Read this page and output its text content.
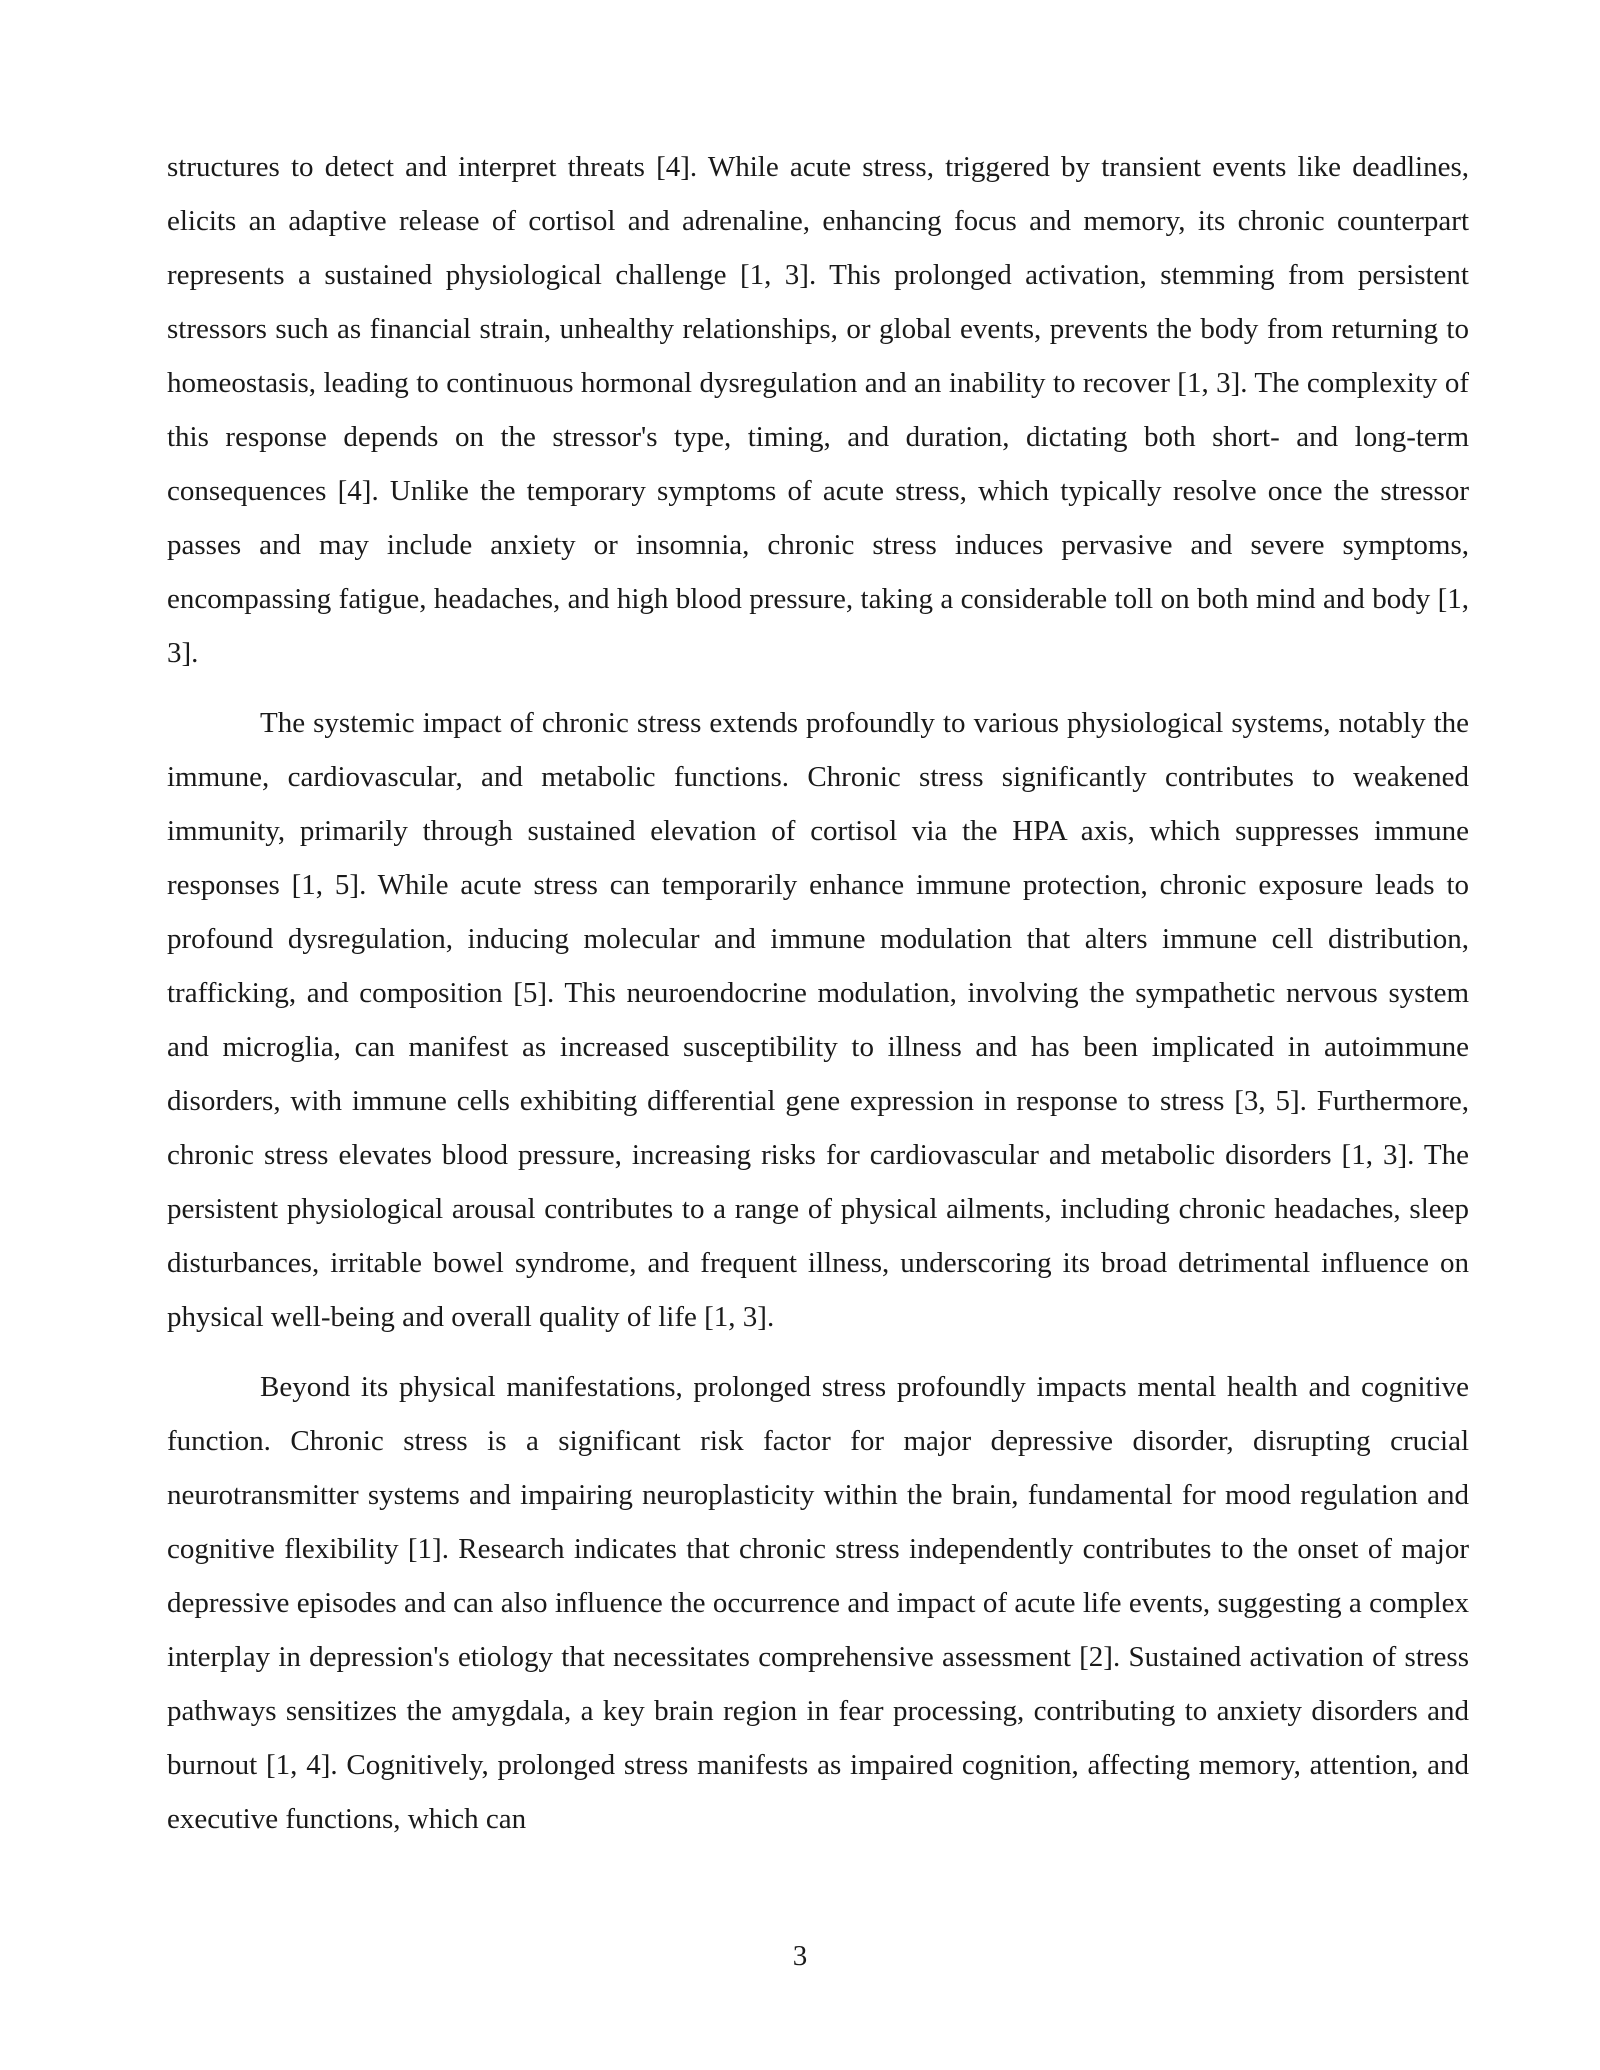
structures to detect and interpret threats [4]. While acute stress, triggered by transient events like deadlines, elicits an adaptive release of cortisol and adrenaline, enhancing focus and memory, its chronic counterpart represents a sustained physiological challenge [1, 3]. This prolonged activation, stemming from persistent stressors such as financial strain, unhealthy relationships, or global events, prevents the body from returning to homeostasis, leading to continuous hormonal dysregulation and an inability to recover [1, 3]. The complexity of this response depends on the stressor's type, timing, and duration, dictating both short- and long-term consequences [4]. Unlike the temporary symptoms of acute stress, which typically resolve once the stressor passes and may include anxiety or insomnia, chronic stress induces pervasive and severe symptoms, encompassing fatigue, headaches, and high blood pressure, taking a considerable toll on both mind and body [1, 3].

The systemic impact of chronic stress extends profoundly to various physiological systems, notably the immune, cardiovascular, and metabolic functions. Chronic stress significantly contributes to weakened immunity, primarily through sustained elevation of cortisol via the HPA axis, which suppresses immune responses [1, 5]. While acute stress can temporarily enhance immune protection, chronic exposure leads to profound dysregulation, inducing molecular and immune modulation that alters immune cell distribution, trafficking, and composition [5]. This neuroendocrine modulation, involving the sympathetic nervous system and microglia, can manifest as increased susceptibility to illness and has been implicated in autoimmune disorders, with immune cells exhibiting differential gene expression in response to stress [3, 5]. Furthermore, chronic stress elevates blood pressure, increasing risks for cardiovascular and metabolic disorders [1, 3]. The persistent physiological arousal contributes to a range of physical ailments, including chronic headaches, sleep disturbances, irritable bowel syndrome, and frequent illness, underscoring its broad detrimental influence on physical well-being and overall quality of life [1, 3].

Beyond its physical manifestations, prolonged stress profoundly impacts mental health and cognitive function. Chronic stress is a significant risk factor for major depressive disorder, disrupting crucial neurotransmitter systems and impairing neuroplasticity within the brain, fundamental for mood regulation and cognitive flexibility [1]. Research indicates that chronic stress independently contributes to the onset of major depressive episodes and can also influence the occurrence and impact of acute life events, suggesting a complex interplay in depression's etiology that necessitates comprehensive assessment [2]. Sustained activation of stress pathways sensitizes the amygdala, a key brain region in fear processing, contributing to anxiety disorders and burnout [1, 4]. Cognitively, prolonged stress manifests as impaired cognition, affecting memory, attention, and executive functions, which can

3
